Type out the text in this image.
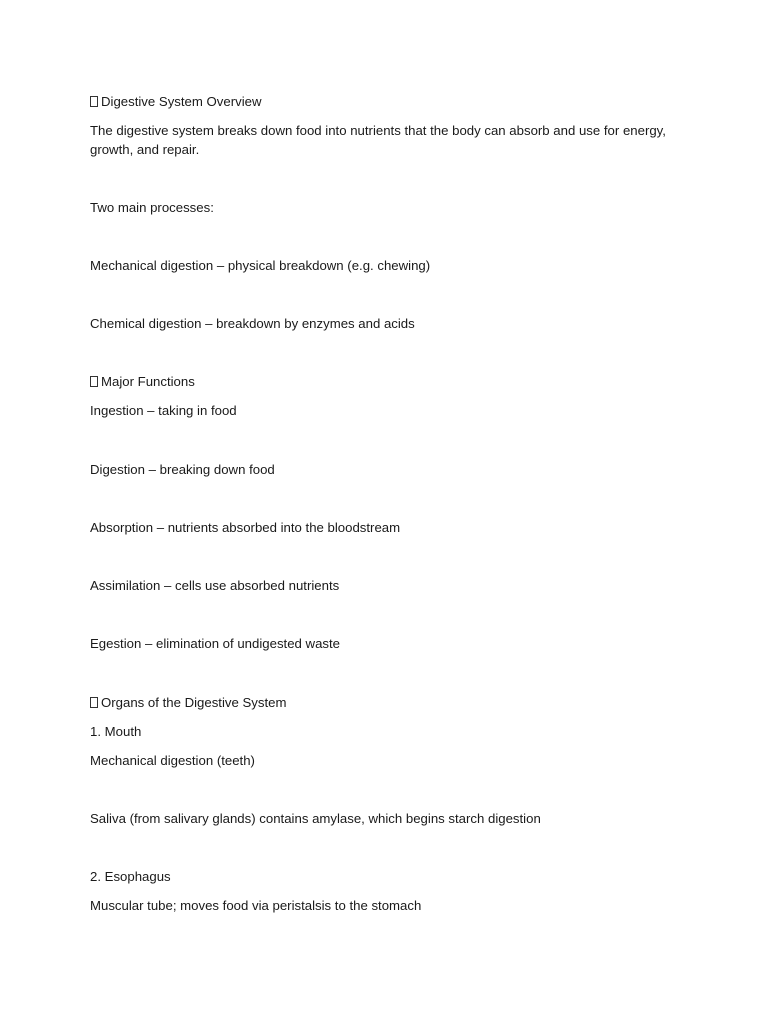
Digestive System Overview
The digestive system breaks down food into nutrients that the body can absorb and use for energy, growth, and repair.
Two main processes:
Mechanical digestion – physical breakdown (e.g. chewing)
Chemical digestion – breakdown by enzymes and acids
Major Functions
Ingestion – taking in food
Digestion – breaking down food
Absorption – nutrients absorbed into the bloodstream
Assimilation – cells use absorbed nutrients
Egestion – elimination of undigested waste
Organs of the Digestive System
1. Mouth
Mechanical digestion (teeth)
Saliva (from salivary glands) contains amylase, which begins starch digestion
2. Esophagus
Muscular tube; moves food via peristalsis to the stomach
